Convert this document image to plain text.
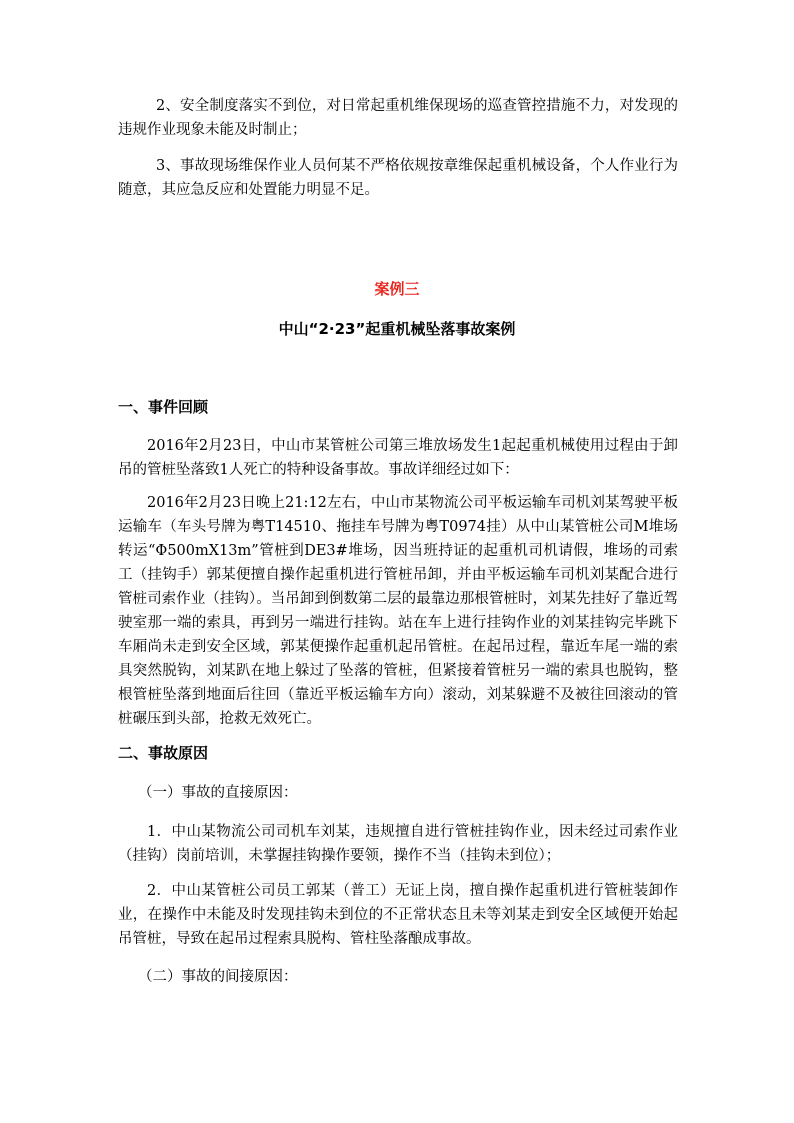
2、安全制度落实不到位，对日常起重机维保现场的巡查管控措施不力，对发现的违规作业现象未能及时制止；

3、事故现场维保作业人员何某不严格依规按章维保起重机械设备，个人作业行为随意，其应急反应和处置能力明显不足。

案例三

中山“2·23”起重机械坠落事故案例

一、事件回顾

2016年2月23日，中山市某管桩公司第三堆放场发生1起起重机械使用过程由于卸吊的管桩坠落致1人死亡的特种设备事故。事故详细经过如下：

2016年2月23日晚上21:12左右，中山市某物流公司平板运输车司机刘某驾驶平板运输车（车头号牌为粤T14510、拖挂车号牌为粤T0974挂）从中山某管桩公司M堆场转运“Φ500mX13m”管桩到DE3#堆场，因当班持证的起重机司机请假，堆场的司索工（挂钩手）郭某便擅自操作起重机进行管桩吊卸，并由平板运输车司机刘某配合进行管桩司索作业（挂钩）。当吊卸到倒数第二层的最靠边那根管桩时，刘某先挂好了靠近驾驶室那一端的索具，再到另一端进行挂钩。站在车上进行挂钩作业的刘某挂钩完毕跳下车厢尚未走到安全区域，郭某便操作起重机起吊管桩。在起吊过程，靠近车尾一端的索具突然脱钩，刘某趴在地上躲过了坠落的管桩，但紧接着管桩另一端的索具也脱钩，整根管桩坠落到地面后往回（靠近平板运输车方向）滚动，刘某躲避不及被往回滚动的管桩碾压到头部，抢救无效死亡。

二、事故原因

（一）事故的直接原因：

1．中山某物流公司司机车刘某，违规擅自进行管桩挂钩作业，因未经过司索作业（挂钩）岗前培训，未掌握挂钩操作要领，操作不当（挂钩未到位）；

2．中山某管桩公司员工郭某（普工）无证上岗，擅自操作起重机进行管桩装卸作业，在操作中未能及时发现挂钩未到位的不正常状态且未等刘某走到安全区域便开始起吊管桩，导致在起吊过程索具脱构、管柱坠落酿成事故。

（二）事故的间接原因：
